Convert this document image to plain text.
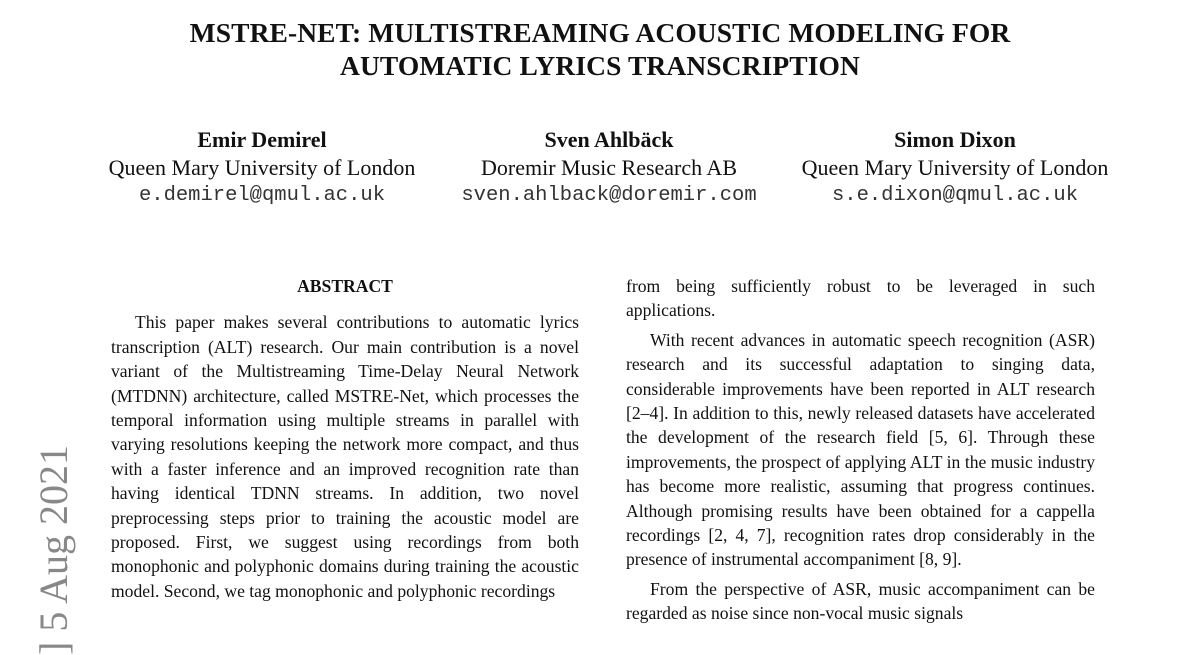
MSTRE-NET: MULTISTREAMING ACOUSTIC MODELING FOR
AUTOMATIC LYRICS TRANSCRIPTION
Emir Demirel
Queen Mary University of London
e.demirel@qmul.ac.uk
Sven Ahlbäck
Doremir Music Research AB
sven.ahlback@doremir.com
Simon Dixon
Queen Mary University of London
s.e.dixon@qmul.ac.uk
ABSTRACT

This paper makes several contributions to automatic lyrics transcription (ALT) research. Our main contribution is a novel variant of the Multistreaming Time-Delay Neural Network (MTDNN) architecture, called MSTRE-Net, which processes the temporal information using multiple streams in parallel with varying resolutions keeping the network more compact, and thus with a faster inference and an improved recognition rate than having identical TDNN streams. In addition, two novel preprocessing steps prior to training the acoustic model are proposed. First, we suggest using recordings from both monophonic and polyphonic domains during training the acoustic model. Second, we tag monophonic and polyphonic recordings

from being sufficiently robust to be leveraged in such applications.

With recent advances in automatic speech recognition (ASR) research and its successful adaptation to singing data, considerable improvements have been reported in ALT research [2–4]. In addition to this, newly released datasets have accelerated the development of the research field [5, 6]. Through these improvements, the prospect of applying ALT in the music industry has become more realistic, assuming that progress continues. Although promising results have been obtained for a cappella recordings [2, 4, 7], recognition rates drop considerably in the presence of instrumental accompaniment [8, 9].

From the perspective of ASR, music accompaniment can be regarded as noise since non-vocal music signals

] 5 Aug 2021
